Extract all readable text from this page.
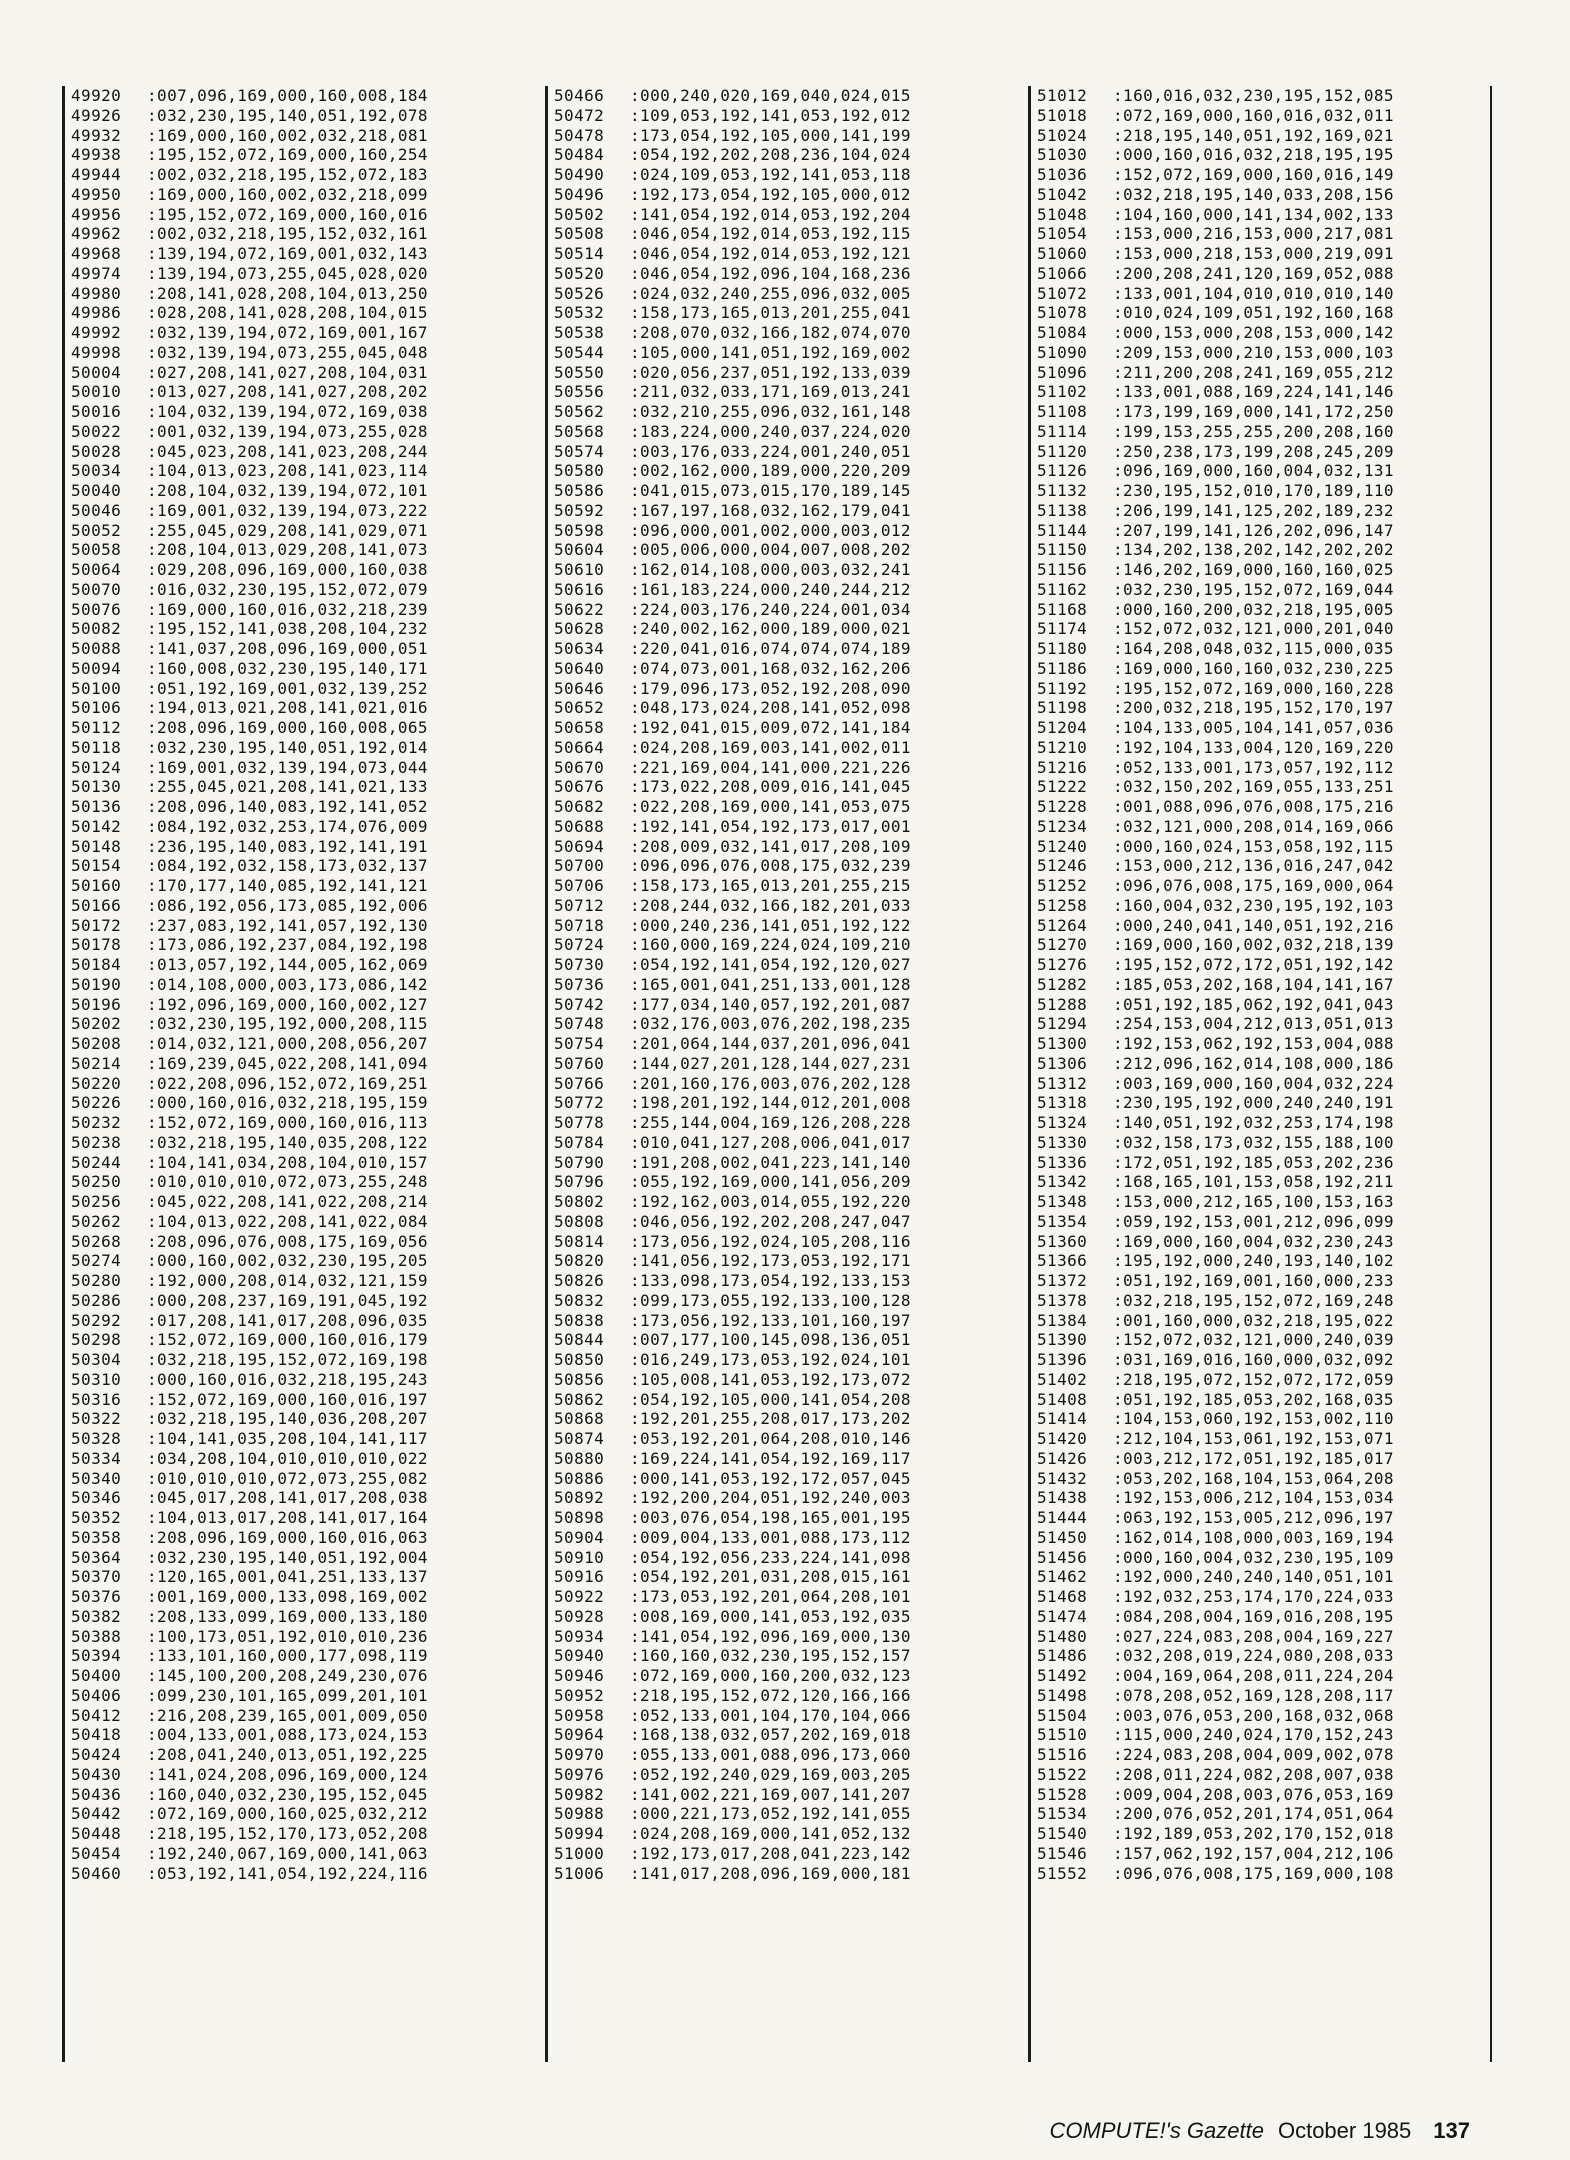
49920	:007,096,169,000,160,008,184
49926	:032,230,195,140,051,192,078
49932	:169,000,160,002,032,218,081
49938	:195,152,072,169,000,160,254
49944	:002,032,218,195,152,072,183
49950	:169,000,160,002,032,218,099
49956	:195,152,072,169,000,160,016
49962	:002,032,218,195,152,032,161
49968	:139,194,072,169,001,032,143
49974	:139,194,073,255,045,028,020
49980	:208,141,028,208,104,013,250
49986	:028,208,141,028,208,104,015
49992	:032,139,194,072,169,001,167
49998	:032,139,194,073,255,045,048
50004	:027,208,141,027,208,104,031
50010	:013,027,208,141,027,208,202
50016	:104,032,139,194,072,169,038
50022	:001,032,139,194,073,255,028
50028	:045,023,208,141,023,208,244
50034	:104,013,023,208,141,023,114
50040	:208,104,032,139,194,072,101
50046	:169,001,032,139,194,073,222
50052	:255,045,029,208,141,029,071
50058	:208,104,013,029,208,141,073
50064	:029,208,096,169,000,160,038
50070	:016,032,230,195,152,072,079
50076	:169,000,160,016,032,218,239
50082	:195,152,141,038,208,104,232
50088	:141,037,208,096,169,000,051
50094	:160,008,032,230,195,140,171
50100	:051,192,169,001,032,139,252
50106	:194,013,021,208,141,021,016
50112	:208,096,169,000,160,008,065
50118	:032,230,195,140,051,192,014
50124	:169,001,032,139,194,073,044
50130	:255,045,021,208,141,021,133
50136	:208,096,140,083,192,141,052
50142	:084,192,032,253,174,076,009
50148	:236,195,140,083,192,141,191
50154	:084,192,032,158,173,032,137
50160	:170,177,140,085,192,141,121
50166	:086,192,056,173,085,192,006
50172	:237,083,192,141,057,192,130
50178	:173,086,192,237,084,192,198
50184	:013,057,192,144,005,162,069
50190	:014,108,000,003,173,086,142
50196	:192,096,169,000,160,002,127
50202	:032,230,195,192,000,208,115
50208	:014,032,121,000,208,056,207
50214	:169,239,045,022,208,141,094
50220	:022,208,096,152,072,169,251
50226	:000,160,016,032,218,195,159
50232	:152,072,169,000,160,016,113
50238	:032,218,195,140,035,208,122
50244	:104,141,034,208,104,010,157
50250	:010,010,010,072,073,255,248
50256	:045,022,208,141,022,208,214
50262	:104,013,022,208,141,022,084
50268	:208,096,076,008,175,169,056
50274	:000,160,002,032,230,195,205
50280	:192,000,208,014,032,121,159
50286	:000,208,237,169,191,045,192
50292	:017,208,141,017,208,096,035
50298	:152,072,169,000,160,016,179
50304	:032,218,195,152,072,169,198
50310	:000,160,016,032,218,195,243
50316	:152,072,169,000,160,016,197
50322	:032,218,195,140,036,208,207
50328	:104,141,035,208,104,141,117
50334	:034,208,104,010,010,010,022
50340	:010,010,010,072,073,255,082
50346	:045,017,208,141,017,208,038
50352	:104,013,017,208,141,017,164
50358	:208,096,169,000,160,016,063
50364	:032,230,195,140,051,192,004
50370	:120,165,001,041,251,133,137
50376	:001,169,000,133,098,169,002
50382	:208,133,099,169,000,133,180
50388	:100,173,051,192,010,010,236
50394	:133,101,160,000,177,098,119
50400	:145,100,200,208,249,230,076
50406	:099,230,101,165,099,201,101
50412	:216,208,239,165,001,009,050
50418	:004,133,001,088,173,024,153
50424	:208,041,240,013,051,192,225
50430	:141,024,208,096,169,000,124
50436	:160,040,032,230,195,152,045
50442	:072,169,000,160,025,032,212
50448	:218,195,152,170,173,052,208
50454	:192,240,067,169,000,141,063
50460	:053,192,141,054,192,224,116
50466	:000,240,020,169,040,024,015
50472	:109,053,192,141,053,192,012
50478	:173,054,192,105,000,141,199
50484	:054,192,202,208,236,104,024
50490	:024,109,053,192,141,053,118
50496	:192,173,054,192,105,000,012
50502	:141,054,192,014,053,192,204
50508	:046,054,192,014,053,192,115
50514	:046,054,192,014,053,192,121
50520	:046,054,192,096,104,168,236
50526	:024,032,240,255,096,032,005
50532	:158,173,165,013,201,255,041
50538	:208,070,032,166,182,074,070
50544	:105,000,141,051,192,169,002
50550	:020,056,237,051,192,133,039
50556	:211,032,033,171,169,013,241
50562	:032,210,255,096,032,161,148
50568	:183,224,000,240,037,224,020
50574	:003,176,033,224,001,240,051
50580	:002,162,000,189,000,220,209
50586	:041,015,073,015,170,189,145
50592	:167,197,168,032,162,179,041
50598	:096,000,001,002,000,003,012
50604	:005,006,000,004,007,008,202
50610	:162,014,108,000,003,032,241
50616	:161,183,224,000,240,244,212
50622	:224,003,176,240,224,001,034
50628	:240,002,162,000,189,000,021
50634	:220,041,016,074,074,074,189
50640	:074,073,001,168,032,162,206
50646	:179,096,173,052,192,208,090
50652	:048,173,024,208,141,052,098
50658	:192,041,015,009,072,141,184
50664	:024,208,169,003,141,002,011
50670	:221,169,004,141,000,221,226
50676	:173,022,208,009,016,141,045
50682	:022,208,169,000,141,053,075
50688	:192,141,054,192,173,017,001
50694	:208,009,032,141,017,208,109
50700	:096,096,076,008,175,032,239
50706	:158,173,165,013,201,255,215
50712	:208,244,032,166,182,201,033
50718	:000,240,236,141,051,192,122
50724	:160,000,169,224,024,109,210
50730	:054,192,141,054,192,120,027
50736	:165,001,041,251,133,001,128
50742	:177,034,140,057,192,201,087
50748	:032,176,003,076,202,198,235
50754	:201,064,144,037,201,096,041
50760	:144,027,201,128,144,027,231
50766	:201,160,176,003,076,202,128
50772	:198,201,192,144,012,201,008
50778	:255,144,004,169,126,208,228
50784	:010,041,127,208,006,041,017
50790	:191,208,002,041,223,141,140
50796	:055,192,169,000,141,056,209
50802	:192,162,003,014,055,192,220
50808	:046,056,192,202,208,247,047
50814	:173,056,192,024,105,208,116
50820	:141,056,192,173,053,192,171
50826	:133,098,173,054,192,133,153
50832	:099,173,055,192,133,100,128
50838	:173,056,192,133,101,160,197
50844	:007,177,100,145,098,136,051
50850	:016,249,173,053,192,024,101
50856	:105,008,141,053,192,173,072
50862	:054,192,105,000,141,054,208
50868	:192,201,255,208,017,173,202
50874	:053,192,201,064,208,010,146
50880	:169,224,141,054,192,169,117
50886	:000,141,053,192,172,057,045
50892	:192,200,204,051,192,240,003
50898	:003,076,054,198,165,001,195
50904	:009,004,133,001,088,173,112
50910	:054,192,056,233,224,141,098
50916	:054,192,201,031,208,015,161
50922	:173,053,192,201,064,208,101
50928	:008,169,000,141,053,192,035
50934	:141,054,192,096,169,000,130
50940	:160,160,032,230,195,152,157
50946	:072,169,000,160,200,032,123
50952	:218,195,152,072,120,166,166
50958	:052,133,001,104,170,104,066
50964	:168,138,032,057,202,169,018
50970	:055,133,001,088,096,173,060
50976	:052,192,240,029,169,003,205
50982	:141,002,221,169,007,141,207
50988	:000,221,173,052,192,141,055
50994	:024,208,169,000,141,052,132
51000	:192,173,017,208,041,223,142
51006	:141,017,208,096,169,000,181
51012	:160,016,032,230,195,152,085
51018	:072,169,000,160,016,032,011
51024	:218,195,140,051,192,169,021
51030	:000,160,016,032,218,195,195
51036	:152,072,169,000,160,016,149
51042	:032,218,195,140,033,208,156
51048	:104,160,000,141,134,002,133
51054	:153,000,216,153,000,217,081
51060	:153,000,218,153,000,219,091
51066	:200,208,241,120,169,052,088
51072	:133,001,104,010,010,010,140
51078	:010,024,109,051,192,160,168
51084	:000,153,000,208,153,000,142
51090	:209,153,000,210,153,000,103
51096	:211,200,208,241,169,055,212
51102	:133,001,088,169,224,141,146
51108	:173,199,169,000,141,172,250
51114	:199,153,255,255,200,208,160
51120	:250,238,173,199,208,245,209
51126	:096,169,000,160,004,032,131
51132	:230,195,152,010,170,189,110
51138	:206,199,141,125,202,189,232
51144	:207,199,141,126,202,096,147
51150	:134,202,138,202,142,202,202
51156	:146,202,169,000,160,160,025
51162	:032,230,195,152,072,169,044
51168	:000,160,200,032,218,195,005
51174	:152,072,032,121,000,201,040
51180	:164,208,048,032,115,000,035
51186	:169,000,160,160,032,230,225
51192	:195,152,072,169,000,160,228
51198	:200,032,218,195,152,170,197
51204	:104,133,005,104,141,057,036
51210	:192,104,133,004,120,169,220
51216	:052,133,001,173,057,192,112
51222	:032,150,202,169,055,133,251
51228	:001,088,096,076,008,175,216
51234	:032,121,000,208,014,169,066
51240	:000,160,024,153,058,192,115
51246	:153,000,212,136,016,247,042
51252	:096,076,008,175,169,000,064
51258	:160,004,032,230,195,192,103
51264	:000,240,041,140,051,192,216
51270	:169,000,160,002,032,218,139
51276	:195,152,072,172,051,192,142
51282	:185,053,202,168,104,141,167
51288	:051,192,185,062,192,041,043
51294	:254,153,004,212,013,051,013
51300	:192,153,062,192,153,004,088
51306	:212,096,162,014,108,000,186
51312	:003,169,000,160,004,032,224
51318	:230,195,192,000,240,240,191
51324	:140,051,192,032,253,174,198
51330	:032,158,173,032,155,188,100
51336	:172,051,192,185,053,202,236
51342	:168,165,101,153,058,192,211
51348	:153,000,212,165,100,153,163
51354	:059,192,153,001,212,096,099
51360	:169,000,160,004,032,230,243
51366	:195,192,000,240,193,140,102
51372	:051,192,169,001,160,000,233
51378	:032,218,195,152,072,169,248
51384	:001,160,000,032,218,195,022
51390	:152,072,032,121,000,240,039
51396	:031,169,016,160,000,032,092
51402	:218,195,072,152,072,172,059
51408	:051,192,185,053,202,168,035
51414	:104,153,060,192,153,002,110
51420	:212,104,153,061,192,153,071
51426	:003,212,172,051,192,185,017
51432	:053,202,168,104,153,064,208
51438	:192,153,006,212,104,153,034
51444	:063,192,153,005,212,096,197
51450	:162,014,108,000,003,169,194
51456	:000,160,004,032,230,195,109
51462	:192,000,240,240,140,051,101
51468	:192,032,253,174,170,224,033
51474	:084,208,004,169,016,208,195
51480	:027,224,083,208,004,169,227
51486	:032,208,019,224,080,208,033
51492	:004,169,064,208,011,224,204
51498	:078,208,052,169,128,208,117
51504	:003,076,053,200,168,032,068
51510	:115,000,240,024,170,152,243
51516	:224,083,208,004,009,002,078
51522	:208,011,224,082,208,007,038
51528	:009,004,208,003,076,053,169
51534	:200,076,052,201,174,051,064
51540	:192,189,053,202,170,152,018
51546	:157,062,192,157,004,212,106
51552	:096,076,008,175,169,000,108
COMPUTE!'s Gazette October 1985 137
